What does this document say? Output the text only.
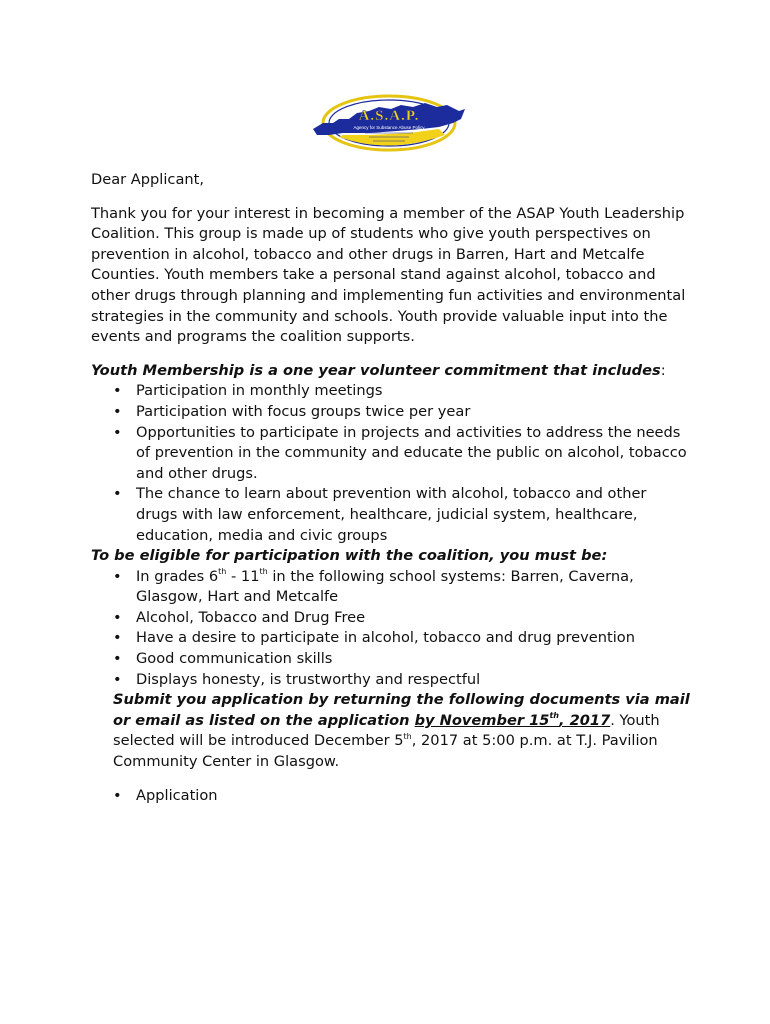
A.S.A.P.
Agency for Substance Abuse Policy

Dear Applicant,

Thank you for your interest in becoming a member of the ASAP Youth Leadership Coalition. This group is made up of students who give youth perspectives on prevention in alcohol, tobacco and other drugs in Barren, Hart and Metcalfe Counties. Youth members take a personal stand against alcohol, tobacco and other drugs through planning and implementing fun activities and environmental strategies in the community and schools. Youth provide valuable input into the events and programs the coalition supports.

Youth Membership is a one year volunteer commitment that includes:

• Participation in monthly meetings
• Participation with focus groups twice per year
• Opportunities to participate in projects and activities to address the needs of prevention in the community and educate the public on alcohol, tobacco and other drugs.
• The chance to learn about prevention with alcohol, tobacco and other drugs with law enforcement, healthcare, judicial system, healthcare, education, media and civic groups

To be eligible for participation with the coalition, you must be:

• In grades 6th - 11th in the following school systems: Barren, Caverna, Glasgow, Hart and Metcalfe
• Alcohol, Tobacco and Drug Free
• Have a desire to participate in alcohol, tobacco and drug prevention
• Good communication skills
• Displays honesty, is trustworthy and respectful

Submit you application by returning the following documents via mail or email as listed on the application by November 15th, 2017. Youth selected will be introduced December 5th, 2017 at 5:00 p.m. at T.J. Pavilion Community Center in Glasgow.

• Application
